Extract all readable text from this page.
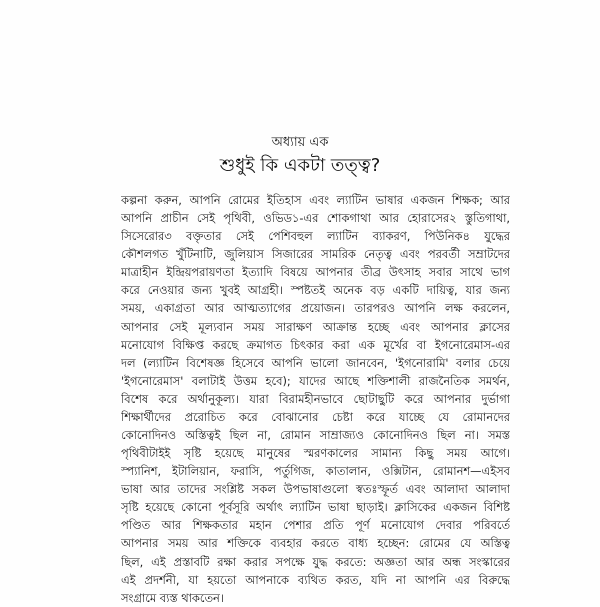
অধ্যায় এক
শুধুই কি একটা তত্ত্ব?
কল্পনা করুন, আপনি রোমের ইতিহাস এবং ল্যাটিন ভাষার একজন শিক্ষক; আর
আপনি প্রাচীন সেই পৃথিবী, ওভিড১-এর শোকগাথা আর হোরাসের২ স্তুতিগাথা,
সিসেরোর৩ বক্তৃতার সেই পেশিবহুল ল্যাটিন ব্যাকরণ, পিউনিক৪ যুদ্ধের
কৌশলগত খুঁটিনাটি, জুলিয়াস সিজারের সামরিক নেতৃত্ব এবং পরবর্তী সম্রাটদের
মাত্রাহীন ইন্দ্রিয়পরায়ণতা ইত্যাদি বিষয়ে আপনার তীব্র উৎসাহ সবার সাথে ভাগ
করে নেওয়ার জন্য খুবই আগ্রহী। স্পষ্টতই অনেক বড় একটি দায়িত্ব, যার জন্য
সময়, একাগ্রতা আর আত্মত্যাগের প্রয়োজন। তারপরও আপনি লক্ষ করলেন,
আপনার সেই মূল্যবান সময় সারাক্ষণ আক্রান্ত হচ্ছে এবং আপনার ক্লাসের
মনোযোগ বিক্ষিপ্ত করছে ক্রমাগত চিৎকার করা এক মূর্খের বা ইগনোরেমাস-এর
দল (ল্যাটিন বিশেষজ্ঞ হিসেবে আপনি ভালো জানবেন, 'ইগনোরামি' বলার চেয়ে
'ইগনোরেমাস' বলাটাই উত্তম হবে); যাদের আছে শক্তিশালী রাজনৈতিক সমর্থন,
বিশেষ করে অর্থানুকূল্য। যারা বিরামহীনভাবে ছোটাছুটি করে আপনার দুর্ভাগা
শিক্ষার্থীদের প্ররোচিত করে বোঝানোর চেষ্টা করে যাচ্ছে যে রোমানদের
কোনোদিনও অস্তিত্বই ছিল না, রোমান সাম্রাজ্যও কোনোদিনও ছিল না। সমস্ত
পৃথিবীটাইই সৃষ্টি হয়েছে মানুষের স্মরণকালের সামান্য কিছু সময় আগে।
স্প্যানিশ, ইটালিয়ান, ফরাসি, পর্তুগিজ, কাতালান, ওক্সিটান, রোমানশ—এইসব
ভাষা আর তাদের সংশ্লিষ্ট সকল উপভাষাগুলো স্বতঃস্ফূর্ত এবং আলাদা আলাদা
সৃষ্টি হয়েছে কোনো পূর্বসূরি অর্থাৎ ল্যাটিন ভাষা ছাড়াই। ক্লাসিকের একজন বিশিষ্ট
পণ্ডিত আর শিক্ষকতার মহান পেশার প্রতি পূর্ণ মনোযোগ দেবার পরিবর্তে
আপনার সময় আর শক্তিকে ব্যবহার করতে বাধ্য হচ্ছেন: রোমের যে অস্তিত্ব
ছিল, এই প্রস্তাবটি রক্ষা করার সপক্ষে যুদ্ধ করতে: অজ্ঞতা আর অন্ধ সংস্কারের
এই প্রদর্শনী, যা হয়তো আপনাকে ব্যথিত করত, যদি না আপনি এর বিরুদ্ধে
সংগ্রামে ব্যস্ত থাকতেন।
